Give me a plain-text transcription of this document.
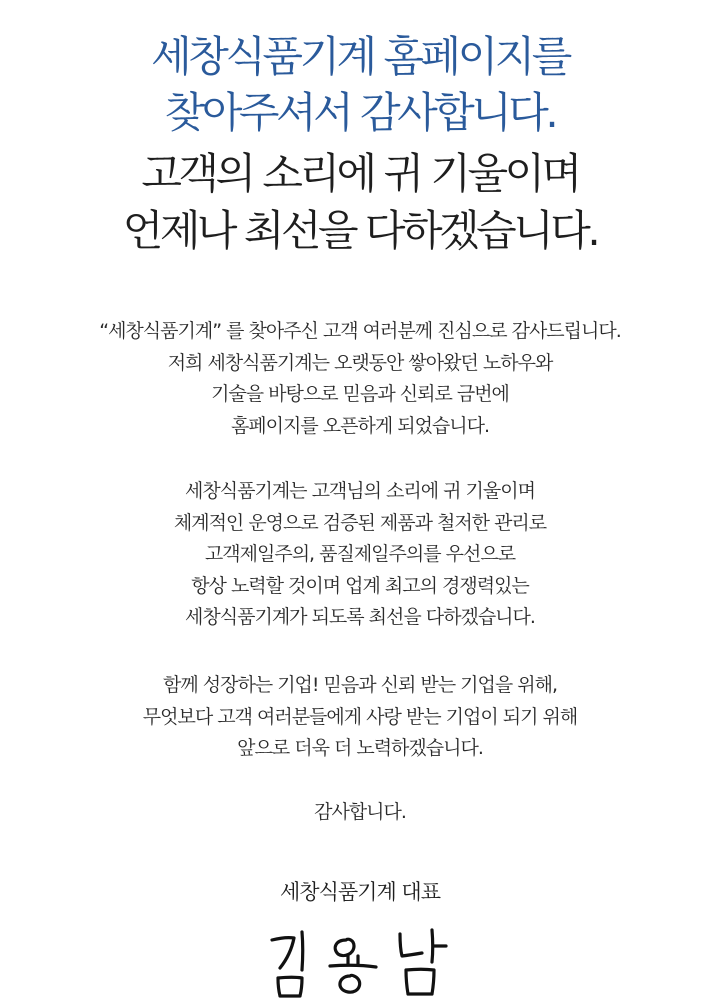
세창식품기계 홈페이지를
찾아주셔서 감사합니다.
고객의 소리에 귀 기울이며
언제나 최선을 다하겠습니다.

“세창식품기계” 를 찾아주신 고객 여러분께 진심으로 감사드립니다.
저희 세창식품기계는 오랫동안 쌓아왔던 노하우와
기술을 바탕으로 믿음과 신뢰로 금번에
홈페이지를 오픈하게 되었습니다.

세창식품기계는 고객님의 소리에 귀 기울이며
체계적인 운영으로 검증된 제품과 철저한 관리로
고객제일주의, 품질제일주의를 우선으로
항상 노력할 것이며 업계 최고의 경쟁력있는
세창식품기계가 되도록 최선을 다하겠습니다.

함께 성장하는 기업! 믿음과 신뢰 받는 기업을 위해,
무엇보다 고객 여러분들에게 사랑 받는 기업이 되기 위해
앞으로 더욱 더 노력하겠습니다.

감사합니다.

세창식품기계 대표
